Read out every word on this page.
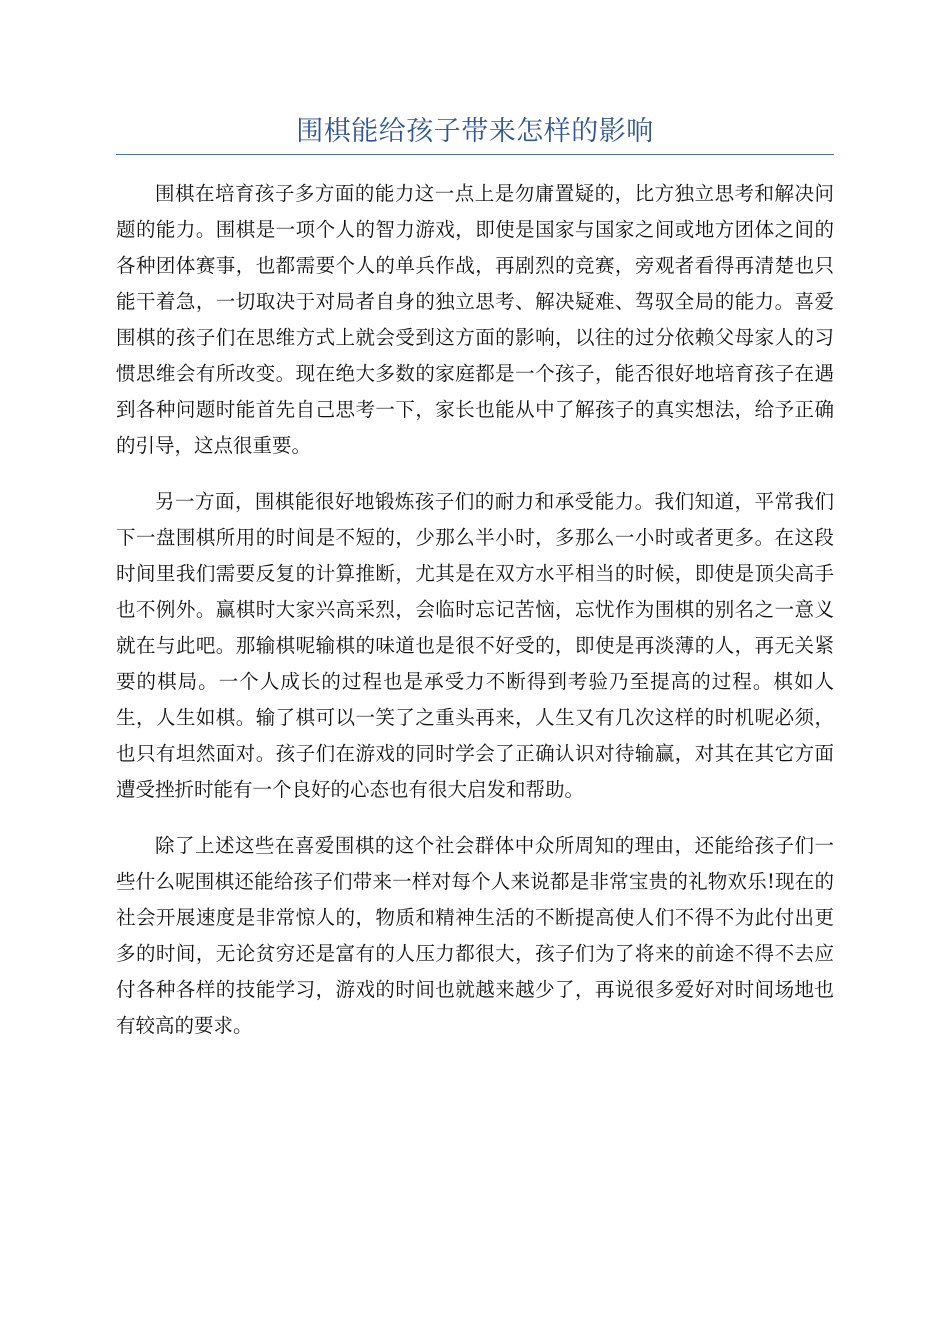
围棋能给孩子带来怎样的影响

围棋在培育孩子多方面的能力这一点上是勿庸置疑的，比方独立思考和解决问题的能力。围棋是一项个人的智力游戏，即使是国家与国家之间或地方团体之间的各种团体赛事，也都需要个人的单兵作战，再剧烈的竞赛，旁观者看得再清楚也只能干着急，一切取决于对局者自身的独立思考、解决疑难、驾驭全局的能力。喜爱围棋的孩子们在思维方式上就会受到这方面的影响，以往的过分依赖父母家人的习惯思维会有所改变。现在绝大多数的家庭都是一个孩子，能否很好地培育孩子在遇到各种问题时能首先自己思考一下，家长也能从中了解孩子的真实想法，给予正确的引导，这点很重要。

另一方面，围棋能很好地锻炼孩子们的耐力和承受能力。我们知道，平常我们下一盘围棋所用的时间是不短的，少那么半小时，多那么一小时或者更多。在这段时间里我们需要反复的计算推断，尤其是在双方水平相当的时候，即使是顶尖高手也不例外。赢棋时大家兴高采烈，会临时忘记苦恼，忘忧作为围棋的别名之一意义就在与此吧。那输棋呢输棋的味道也是很不好受的，即使是再淡薄的人，再无关紧要的棋局。一个人成长的过程也是承受力不断得到考验乃至提高的过程。棋如人生，人生如棋。输了棋可以一笑了之重头再来，人生又有几次这样的时机呢必须，也只有坦然面对。孩子们在游戏的同时学会了正确认识对待输赢，对其在其它方面遭受挫折时能有一个良好的心态也有很大启发和帮助。

除了上述这些在喜爱围棋的这个社会群体中众所周知的理由，还能给孩子们一些什么呢围棋还能给孩子们带来一样对每个人来说都是非常宝贵的礼物欢乐!现在的社会开展速度是非常惊人的，物质和精神生活的不断提高使人们不得不为此付出更多的时间，无论贫穷还是富有的人压力都很大，孩子们为了将来的前途不得不去应付各种各样的技能学习，游戏的时间也就越来越少了，再说很多爱好对时间场地也有较高的要求。
